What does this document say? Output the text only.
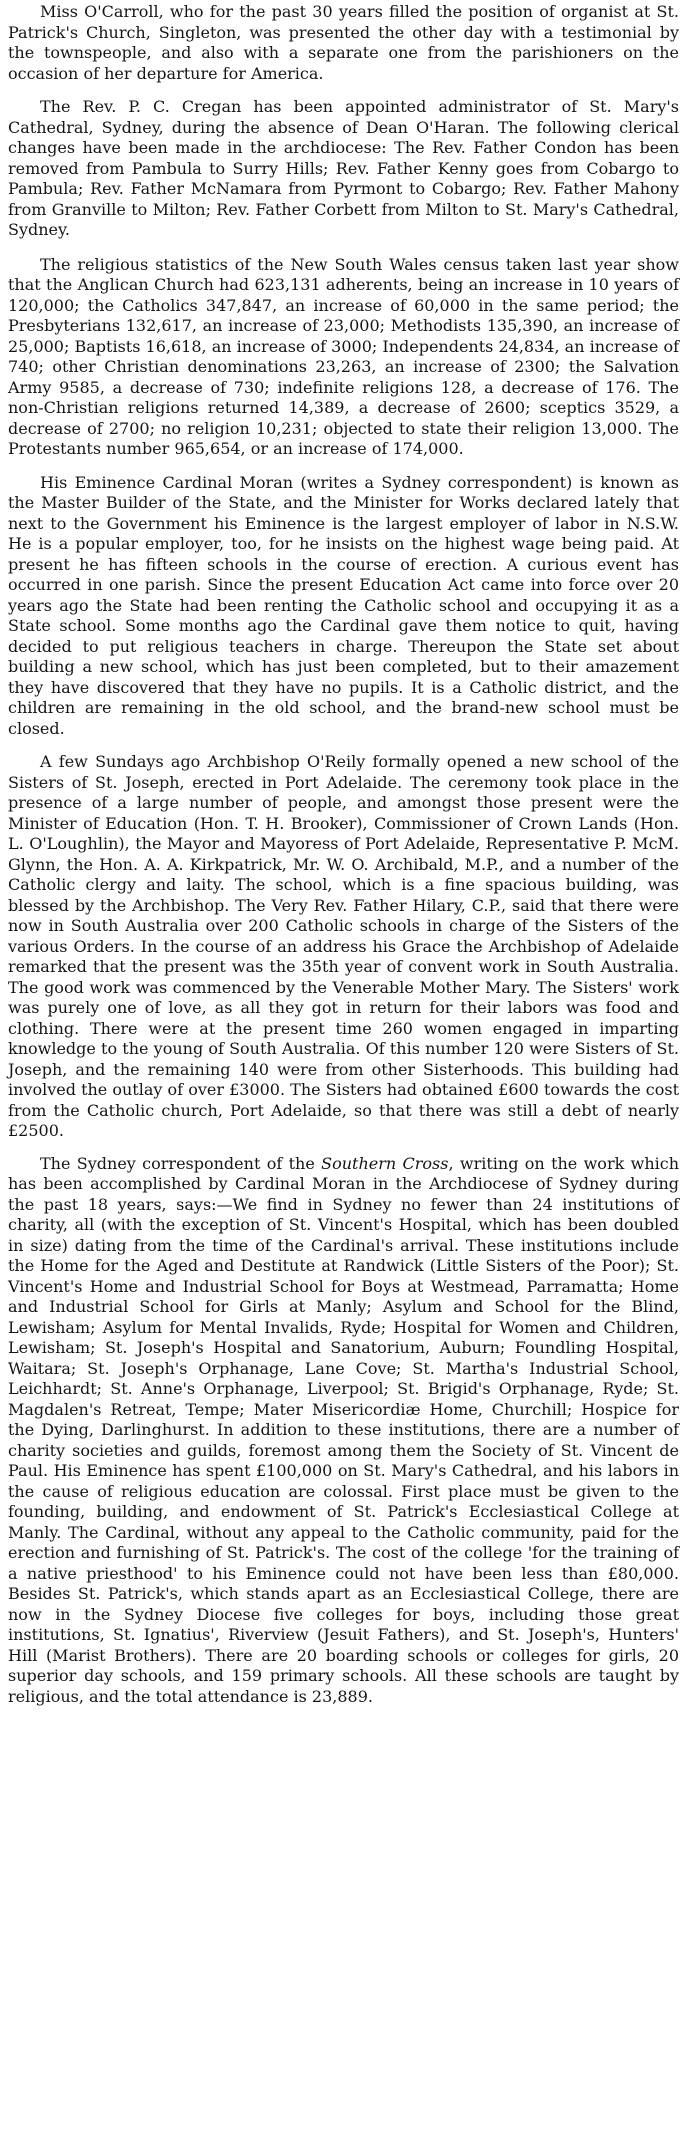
Miss O'Carroll, who for the past 30 years filled the position of organist at St. Patrick's Church, Singleton, was presented the other day with a testimonial by the townspeople, and also with a separate one from the parishioners on the occasion of her departure for America.

The Rev. P. C. Cregan has been appointed administrator of St. Mary's Cathedral, Sydney, during the absence of Dean O'Haran. The following clerical changes have been made in the archdiocese: The Rev. Father Condon has been removed from Pambula to Surry Hills; Rev. Father Kenny goes from Cobargo to Pambula; Rev. Father McNamara from Pyrmont to Cobargo; Rev. Father Mahony from Granville to Milton; Rev. Father Corbett from Milton to St. Mary's Cathedral, Sydney.

The religious statistics of the New South Wales census taken last year show that the Anglican Church had 623,131 adherents, being an increase in 10 years of 120,000; the Catholics 347,847, an increase of 60,000 in the same period; the Presbyterians 132,617, an increase of 23,000; Methodists 135,390, an increase of 25,000; Baptists 16,618, an increase of 3000; Independents 24,834, an increase of 740; other Christian denominations 23,263, an increase of 2300; the Salvation Army 9585, a decrease of 730; indefinite religions 128, a decrease of 176. The non-Christian religions returned 14,389, a decrease of 2600; sceptics 3529, a decrease of 2700; no religion 10,231; objected to state their religion 13,000. The Protestants number 965,654, or an increase of 174,000.

His Eminence Cardinal Moran (writes a Sydney correspondent) is known as the Master Builder of the State, and the Minister for Works declared lately that next to the Government his Eminence is the largest employer of labor in N.S.W. He is a popular employer, too, for he insists on the highest wage being paid. At present he has fifteen schools in the course of erection. A curious event has occurred in one parish. Since the present Education Act came into force over 20 years ago the State had been renting the Catholic school and occupying it as a State school. Some months ago the Cardinal gave them notice to quit, having decided to put religious teachers in charge. Thereupon the State set about building a new school, which has just been completed, but to their amazement they have discovered that they have no pupils. It is a Catholic district, and the children are remaining in the old school, and the brand-new school must be closed.

A few Sundays ago Archbishop O'Reily formally opened a new school of the Sisters of St. Joseph, erected in Port Adelaide. The ceremony took place in the presence of a large number of people, and amongst those present were the Minister of Education (Hon. T. H. Brooker), Commissioner of Crown Lands (Hon. L. O'Loughlin), the Mayor and Mayoress of Port Adelaide, Representative P. McM. Glynn, the Hon. A. A. Kirkpatrick, Mr. W. O. Archibald, M.P., and a number of the Catholic clergy and laity. The school, which is a fine spacious building, was blessed by the Archbishop. The Very Rev. Father Hilary, C.P., said that there were now in South Australia over 200 Catholic schools in charge of the Sisters of the various Orders. In the course of an address his Grace the Archbishop of Adelaide remarked that the present was the 35th year of convent work in South Australia. The good work was commenced by the Venerable Mother Mary. The Sisters' work was purely one of love, as all they got in return for their labors was food and clothing. There were at the present time 260 women engaged in imparting knowledge to the young of South Australia. Of this number 120 were Sisters of St. Joseph, and the remaining 140 were from other Sisterhoods. This building had involved the outlay of over £3000. The Sisters had obtained £600 towards the cost from the Catholic church, Port Adelaide, so that there was still a debt of nearly £2500.

The Sydney correspondent of the Southern Cross, writing on the work which has been accomplished by Cardinal Moran in the Archdiocese of Sydney during the past 18 years, says:—We find in Sydney no fewer than 24 institutions of charity, all (with the exception of St. Vincent's Hospital, which has been doubled in size) dating from the time of the Cardinal's arrival. These institutions include the Home for the Aged and Destitute at Randwick (Little Sisters of the Poor); St. Vincent's Home and Industrial School for Boys at Westmead, Parramatta; Home and Industrial School for Girls at Manly; Asylum and School for the Blind, Lewisham; Asylum for Mental Invalids, Ryde; Hospital for Women and Children, Lewisham; St. Joseph's Hospital and Sanatorium, Auburn; Foundling Hospital, Waitara; St. Joseph's Orphanage, Lane Cove; St. Martha's Industrial School, Leichhardt; St. Anne's Orphanage, Liverpool; St. Brigid's Orphanage, Ryde; St. Magdalen's Retreat, Tempe; Mater Misericordiæ Home, Churchill; Hospice for the Dying, Darlinghurst. In addition to these institutions, there are a number of charity societies and guilds, foremost among them the Society of St. Vincent de Paul. His Eminence has spent £100,000 on St. Mary's Cathedral, and his labors in the cause of religious education are colossal. First place must be given to the founding, building, and endowment of St. Patrick's Ecclesiastical College at Manly. The Cardinal, without any appeal to the Catholic community, paid for the erection and furnishing of St. Patrick's. The cost of the college 'for the training of a native priesthood' to his Eminence could not have been less than £80,000. Besides St. Patrick's, which stands apart as an Ecclesiastical College, there are now in the Sydney Diocese five colleges for boys, including those great institutions, St. Ignatius', Riverview (Jesuit Fathers), and St. Joseph's, Hunters' Hill (Marist Brothers). There are 20 boarding schools or colleges for girls, 20 superior day schools, and 159 primary schools. All these schools are taught by religious, and the total attendance is 23,889.
